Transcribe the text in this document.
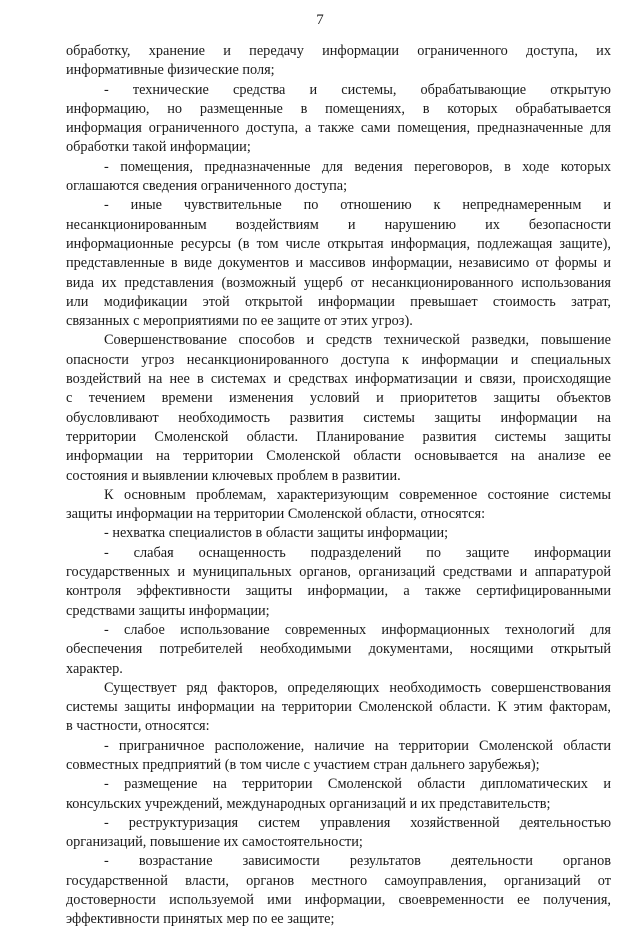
7

обработку, хранение и передачу информации ограниченного доступа, их
информативные физические поля;

- технические средства и системы, обрабатывающие открытую
информацию, но размещенные в помещениях, в которых обрабатывается
информация ограниченного доступа, а также сами помещения, предназначенные для
обработки такой информации;

- помещения, предназначенные для ведения переговоров, в ходе которых
оглашаются сведения ограниченного доступа;

- иные чувствительные по отношению к непреднамеренным и
несанкционированным воздействиям и нарушению их безопасности
информационные ресурсы (в том числе открытая информация, подлежащая защите),
представленные в виде документов и массивов информации, независимо от формы и
вида их представления (возможный ущерб от несанкционированного использования
или модификации этой открытой информации превышает стоимость затрат,
связанных с мероприятиями по ее защите от этих угроз).

Совершенствование способов и средств технической разведки, повышение
опасности угроз несанкционированного доступа к информации и специальных
воздействий на нее в системах и средствах информатизации и связи, происходящие
с течением времени изменения условий и приоритетов защиты объектов
обусловливают необходимость развития системы защиты информации на
территории Смоленской области. Планирование развития системы защиты
информации на территории Смоленской области основывается на анализе ее
состояния и выявлении ключевых проблем в развитии.

К основным проблемам, характеризующим современное состояние системы
защиты информации на территории Смоленской области, относятся:

- нехватка специалистов в области защиты информации;

- слабая оснащенность подразделений по защите информации
государственных и муниципальных органов, организаций средствами и аппаратурой
контроля эффективности защиты информации, а также сертифицированными
средствами защиты информации;

- слабое использование современных информационных технологий для
обеспечения потребителей необходимыми документами, носящими открытый
характер.

Существует ряд факторов, определяющих необходимость совершенствования
системы защиты информации на территории Смоленской области. К этим факторам,
в частности, относятся:

- приграничное расположение, наличие на территории Смоленской области
совместных предприятий (в том числе с участием стран дальнего зарубежья);

- размещение на территории Смоленской области дипломатических и
консульских учреждений, международных организаций и их представительств;

- реструктуризация систем управления хозяйственной деятельностью
организаций, повышение их самостоятельности;

- возрастание зависимости результатов деятельности органов
государственной власти, органов местного самоуправления, организаций от
достоверности используемой ими информации, своевременности ее получения,
эффективности принятых мер по ее защите;
